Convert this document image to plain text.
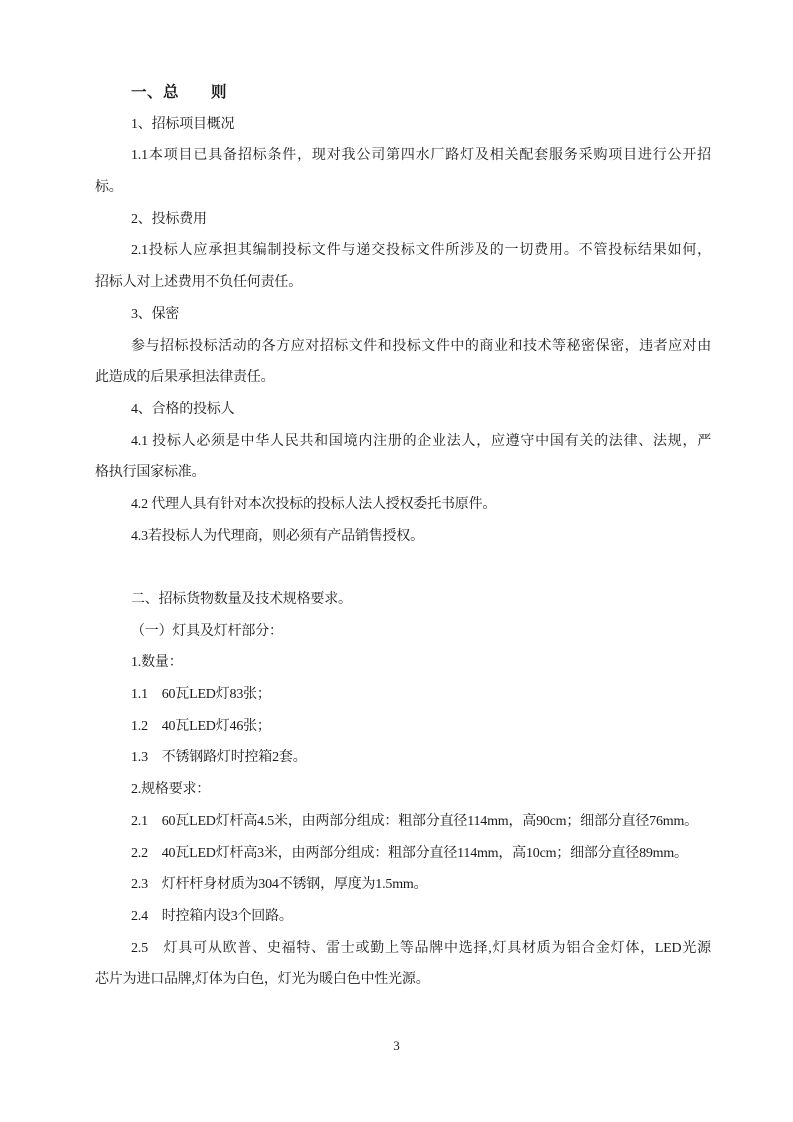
一、总　　则
1、招标项目概况
1.1本项目已具备招标条件，现对我公司第四水厂路灯及相关配套服务采购项目进行公开招
标。
2、投标费用
2.1投标人应承担其编制投标文件与递交投标文件所涉及的一切费用。不管投标结果如何，
招标人对上述费用不负任何责任。
3、保密
参与招标投标活动的各方应对招标文件和投标文件中的商业和技术等秘密保密，违者应对由
此造成的后果承担法律责任。
4、合格的投标人
4.1 投标人必须是中华人民共和国境内注册的企业法人，应遵守中国有关的法律、法规，严
格执行国家标准。
4.2 代理人具有针对本次投标的投标人法人授权委托书原件。
4.3若投标人为代理商，则必须有产品销售授权。
二、招标货物数量及技术规格要求。
（一）灯具及灯杆部分：
1.数量：
1.1　60瓦LED灯83张；
1.2　40瓦LED灯46张；
1.3　不锈钢路灯时控箱2套。
2.规格要求：
2.1　60瓦LED灯杆高4.5米，由两部分组成：粗部分直径114mm，高90cm；细部分直径76mm。
2.2　40瓦LED灯杆高3米，由两部分组成：粗部分直径114mm，高10cm；细部分直径89mm。
2.3　灯杆杆身材质为304不锈钢，厚度为1.5mm。
2.4　时控箱内设3个回路。
2.5　灯具可从欧普、史福特、雷士或勤上等品牌中选择,灯具材质为铝合金灯体，LED光源
芯片为进口品牌,灯体为白色，灯光为暖白色中性光源。
3
